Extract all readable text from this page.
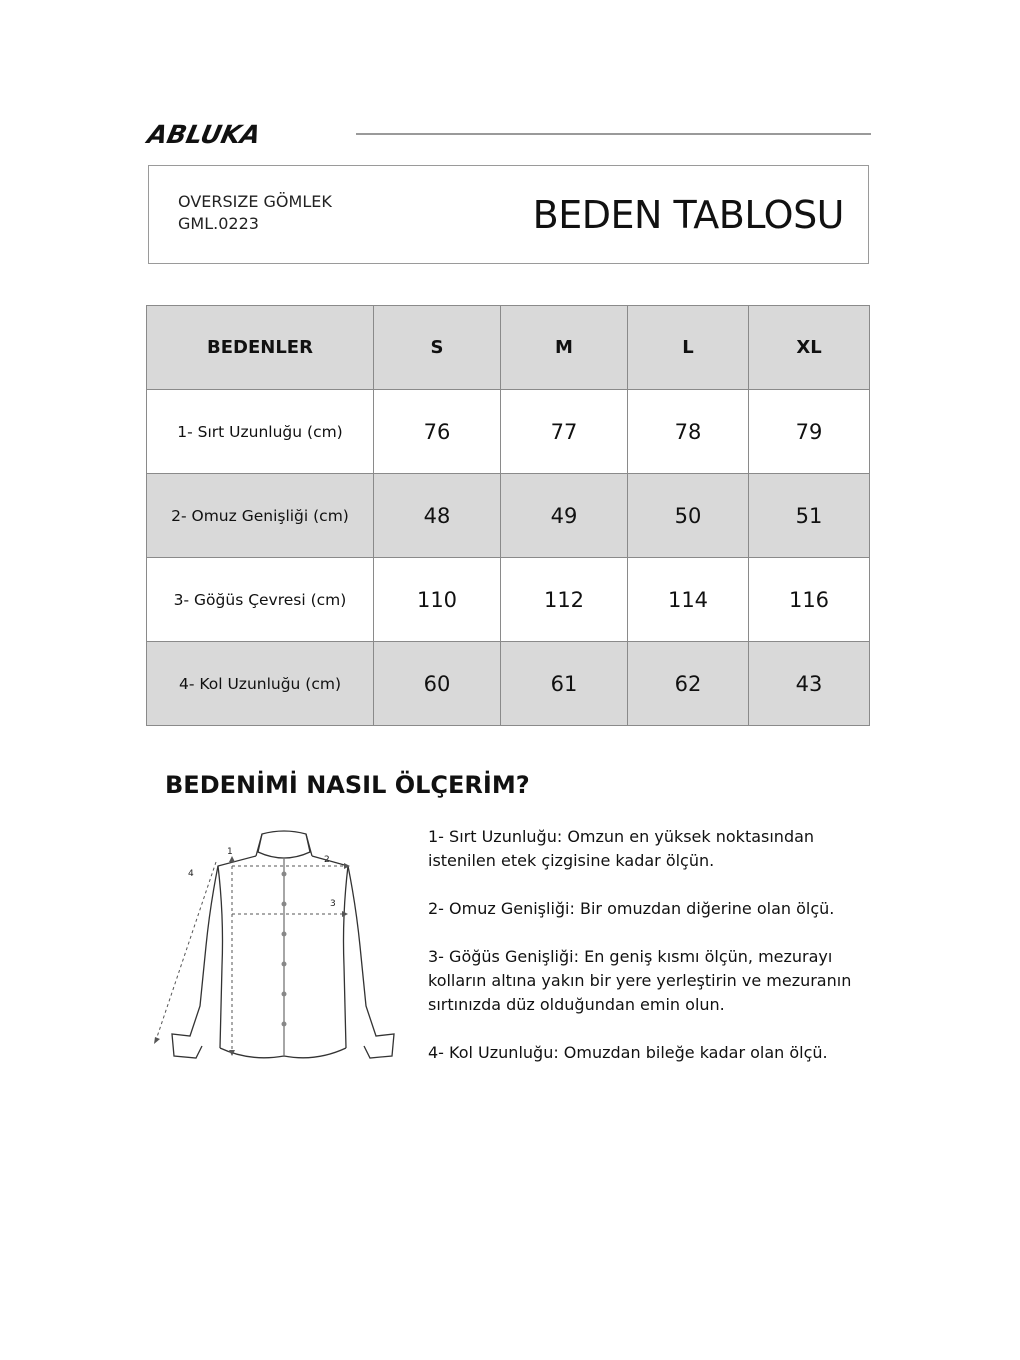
ABLUKA
OVERSIZE GÖMLEK
GML.0223	BEDEN TABLOSU
BEDENLER	S	M	L	XL
1- Sırt Uzunluğu (cm)	76	77	78	79
2- Omuz Genişliği (cm)	48	49	50	51
3- Göğüs Çevresi (cm)	110	112	114	116
4- Kol Uzunluğu (cm)	60	61	62	43
BEDENİMİ NASIL ÖLÇERİM?
1
2
3
4

1- Sırt Uzunluğu: Omzun en yüksek noktasından istenilen etek çizgisine kadar ölçün.

2- Omuz Genişliği: Bir omuzdan diğerine olan ölçü.

3- Göğüs Genişliği: En geniş kısmı ölçün, mezurayı kolların altına yakın bir yere yerleştirin ve mezuranın sırtınızda düz olduğundan emin olun.

4- Kol Uzunluğu: Omuzdan bileğe kadar olan ölçü.
